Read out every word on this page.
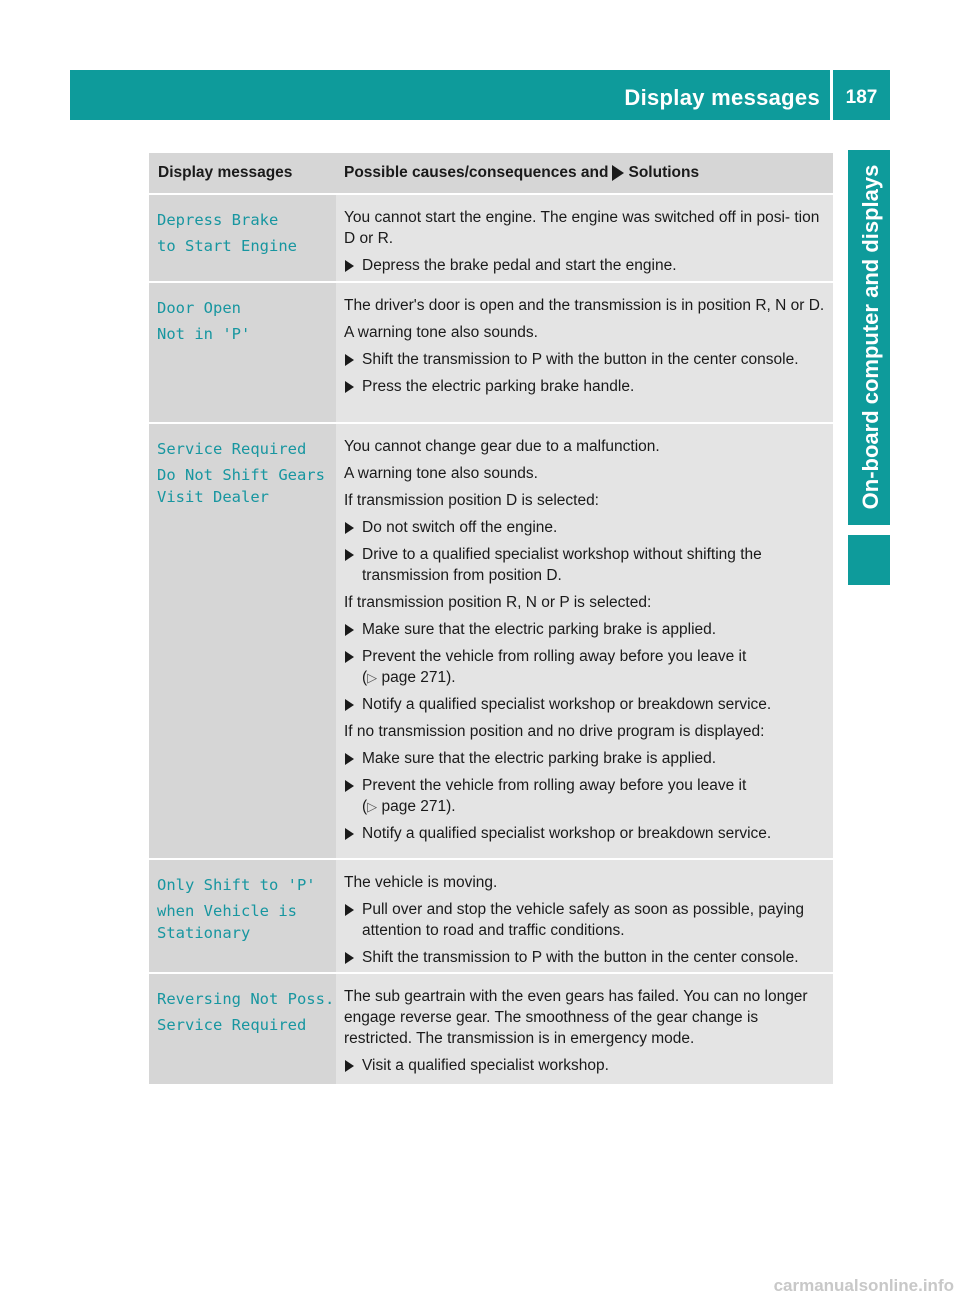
Display messages	187
On-board computer and displays
Display messages	Possible causes/consequences and Solutions
Depress Brake
to Start Engine

You cannot start the engine. The engine was switched off in posi- tion D or R.

Depress the brake pedal and start the engine.
Door Open
Not in 'P'

The driver's door is open and the transmission is in position R, N or D.

A warning tone also sounds.

Shift the transmission to P with the button in the center console.
Press the electric parking brake handle.
Service Required
Do Not Shift Gears
Visit Dealer

You cannot change gear due to a malfunction.

A warning tone also sounds.

If transmission position D is selected:

Do not switch off the engine.
Drive to a qualified specialist workshop without shifting the transmission from position D.

If transmission position R, N or P is selected:

Make sure that the electric parking brake is applied.
Prevent the vehicle from rolling away before you leave it
(▷ page 271).
Notify a qualified specialist workshop or breakdown service.

If no transmission position and no drive program is displayed:

Make sure that the electric parking brake is applied.
Prevent the vehicle from rolling away before you leave it
(▷ page 271).
Notify a qualified specialist workshop or breakdown service.
Only Shift to 'P'
when Vehicle is
Stationary

The vehicle is moving.

Pull over and stop the vehicle safely as soon as possible, paying attention to road and traffic conditions.
Shift the transmission to P with the button in the center console.
Reversing Not Poss.
Service Required

The sub geartrain with the even gears has failed. You can no longer engage reverse gear. The smoothness of the gear change is restricted. The transmission is in emergency mode.

Visit a qualified specialist workshop.
carmanualsonline.info
